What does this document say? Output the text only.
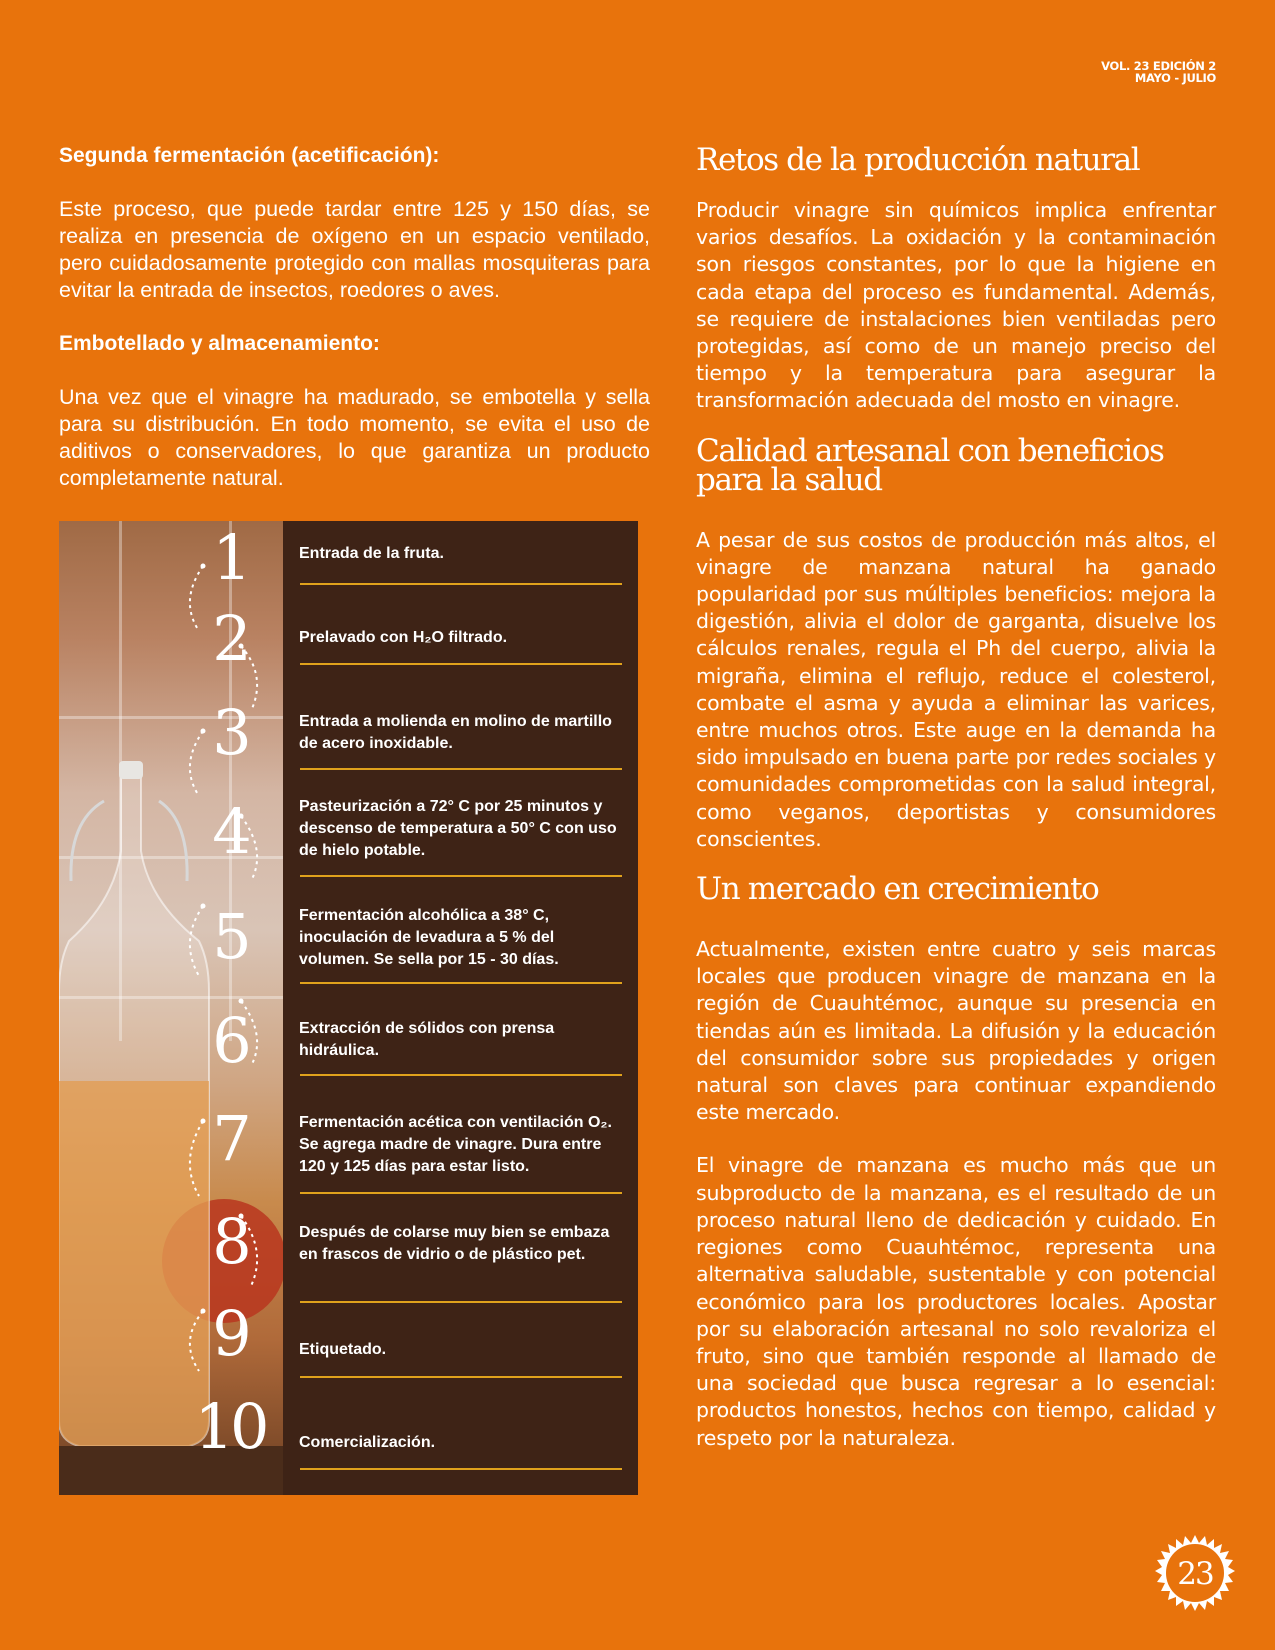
VOL. 23 EDICIÓN 2
MAYO - JULIO
Segunda fermentación (acetificación):

Este proceso, que puede tardar entre 125 y 150 días, se realiza en presencia de oxígeno en un espacio ventilado, pero cuidadosamente protegido con mallas mosquiteras para evitar la entrada de insectos, roedores o aves.

Embotellado y almacenamiento:

Una vez que el vinagre ha madurado, se embotella y sella para su distribución. En todo momento, se evita el uso de aditivos o conservadores, lo que garantiza un producto completamente natural.

1
2
3
4
5
6
7
8
9
10
Entrada de la fruta.
Prelavado con H₂O filtrado.
Entrada a molienda en molino de martillo de acero inoxidable.
Pasteurización a 72° C por 25 minutos y descenso de temperatura a 50° C con uso de hielo potable.
Fermentación alcohólica a 38° C, inoculación de levadura a 5 % del volumen. Se sella por 15 - 30 días.
Extracción de sólidos con prensa hidráulica.
Fermentación acética con ventilación O₂. Se agrega madre de vinagre. Dura entre 120 y 125 días para estar listo.
Después de colarse muy bien se embaza en frascos de vidrio o de plástico pet.
Etiquetado.
Comercialización.
Retos de la producción natural

Producir vinagre sin químicos implica enfrentar varios desafíos. La oxidación y la contaminación son riesgos constantes, por lo que la higiene en cada etapa del proceso es fundamental. Además, se requiere de instalaciones bien ventiladas pero protegidas, así como de un manejo preciso del tiempo y la temperatura para asegurar la transformación adecuada del mosto en vinagre.

Calidad artesanal con beneficios para la salud

A pesar de sus costos de producción más altos, el vinagre de manzana natural ha ganado popularidad por sus múltiples beneficios: mejora la digestión, alivia el dolor de garganta, disuelve los cálculos renales, regula el Ph del cuerpo, alivia la migraña, elimina el reflujo, reduce el colesterol, combate el asma y ayuda a eliminar las varices, entre muchos otros. Este auge en la demanda ha sido impulsado en buena parte por redes sociales y comunidades comprometidas con la salud integral, como veganos, deportistas y consumidores conscientes.

Un mercado en crecimiento

Actualmente, existen entre cuatro y seis marcas locales que producen vinagre de manzana en la región de Cuauhtémoc, aunque su presencia en tiendas aún es limitada. La difusión y la educación del consumidor sobre sus propiedades y origen natural son claves para continuar expandiendo este mercado.

El vinagre de manzana es mucho más que un subproducto de la manzana, es el resultado de un proceso natural lleno de dedicación y cuidado. En regiones como Cuauhtémoc, representa una alternativa saludable, sustentable y con potencial económico para los productores locales. Apostar por su elaboración artesanal no solo revaloriza el fruto, sino que también responde al llamado de una sociedad que busca regresar a lo esencial: productos honestos, hechos con tiempo, calidad y respeto por la naturaleza.

23
